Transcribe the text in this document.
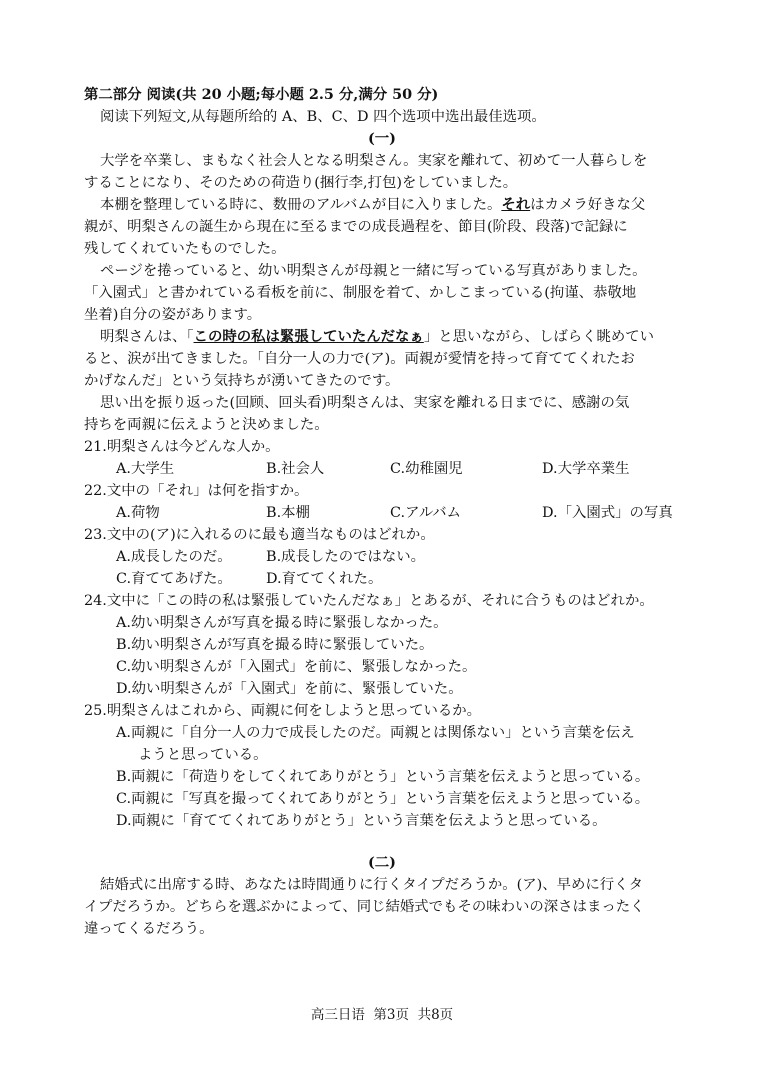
第二部分 阅读(共 20 小题;每小题 2.5 分,满分 50 分)
阅读下列短文,从每题所给的 A、B、C、D 四个选项中选出最佳选项。
(一)
大学を卒業し、まもなく社会人となる明梨さん。実家を離れて、初めて一人暮らしを
することになり、そのための荷造り(捆行李,打包)をしていました。
本棚を整理している時に、数冊のアルバムが目に入りました。それはカメラ好きな父
親が、明梨さんの誕生から現在に至るまでの成長過程を、節目(阶段、段落)で記録に
残してくれていたものでした。
ページを捲っていると、幼い明梨さんが母親と一緒に写っている写真がありました。
「入園式」と書かれている看板を前に、制服を着て、かしこまっている(拘谨、恭敬地
坐着)自分の姿があります。
明梨さんは、「この時の私は緊張していたんだなぁ」と思いながら、しばらく眺めてい
ると、涙が出てきました。「自分一人の力で(ア)。両親が愛情を持って育ててくれたお
かげなんだ」という気持ちが湧いてきたのです。
思い出を振り返った(回顾、回头看)明梨さんは、実家を離れる日までに、感謝の気
持ちを両親に伝えようと決めました。
21.明梨さんは今どんな人か。
A.大学生	B.社会人	C.幼稚園児	D.大学卒業生
22.文中の「それ」は何を指すか。
A.荷物	B.本棚	C.アルバム	D.「入園式」の写真
23.文中の(ア)に入れるのに最も適当なものはどれか。
A.成長したのだ。 B.成長したのではない。
C.育ててあげた。 D.育ててくれた。
24.文中に「この時の私は緊張していたんだなぁ」とあるが、それに合うものはどれか。
A.幼い明梨さんが写真を撮る時に緊張しなかった。
B.幼い明梨さんが写真を撮る時に緊張していた。
C.幼い明梨さんが「入園式」を前に、緊張しなかった。
D.幼い明梨さんが「入園式」を前に、緊張していた。
25.明梨さんはこれから、両親に何をしようと思っているか。
A.両親に「自分一人の力で成長したのだ。両親とは関係ない」という言葉を伝え
ようと思っている。
B.両親に「荷造りをしてくれてありがとう」という言葉を伝えようと思っている。
C.両親に「写真を撮ってくれてありがとう」という言葉を伝えようと思っている。
D.両親に「育ててくれてありがとう」という言葉を伝えようと思っている。
(二)
結婚式に出席する時、あなたは時間通りに行くタイプだろうか。(ア)、早めに行くタ
イプだろうか。どちらを選ぶかによって、同じ結婚式でもその味わいの深さはまったく
違ってくるだろう。
高三日语  第3页  共8页
